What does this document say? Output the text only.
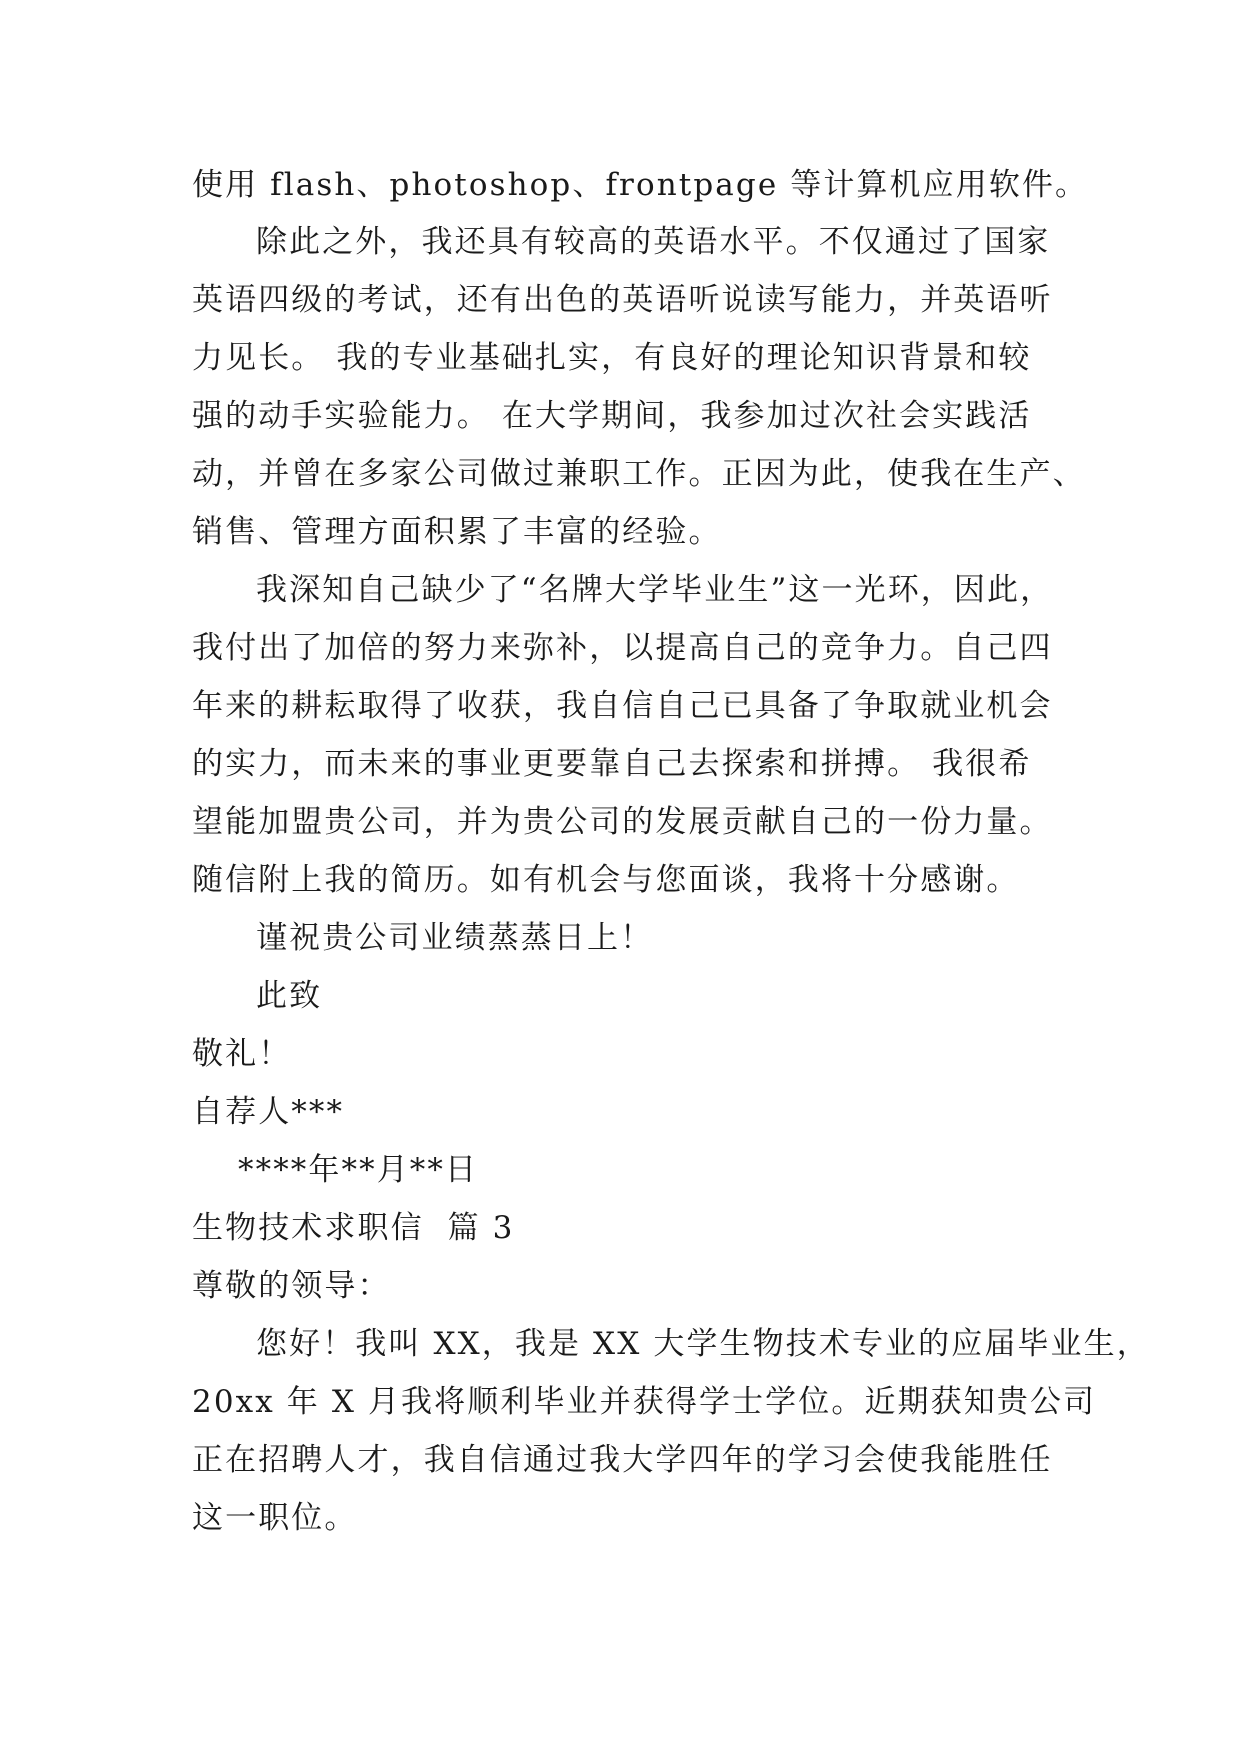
使用 flash、photoshop、frontpage 等计算机应用软件。
除此之外，我还具有较高的英语水平。不仅通过了国家
英语四级的考试，还有出色的英语听说读写能力，并英语听
力见长。 我的专业基础扎实，有良好的理论知识背景和较
强的动手实验能力。 在大学期间，我参加过次社会实践活
动，并曾在多家公司做过兼职工作。正因为此，使我在生产、
销售、管理方面积累了丰富的经验。
我深知自己缺少了“名牌大学毕业生”这一光环，因此，
我付出了加倍的努力来弥补，以提高自己的竞争力。自己四
年来的耕耘取得了收获，我自信自己已具备了争取就业机会
的实力，而未来的事业更要靠自己去探索和拼搏。 我很希
望能加盟贵公司，并为贵公司的发展贡献自己的一份力量。
随信附上我的简历。如有机会与您面谈，我将十分感谢。
谨祝贵公司业绩蒸蒸日上！
此致
敬礼！
自荐人***
****年**月**日
生物技术求职信  篇 3
尊敬的领导：
您好！我叫 XX，我是 XX 大学生物技术专业的应届毕业生，
20xx 年 X 月我将顺利毕业并获得学士学位。近期获知贵公司
正在招聘人才，我自信通过我大学四年的学习会使我能胜任
这一职位。
